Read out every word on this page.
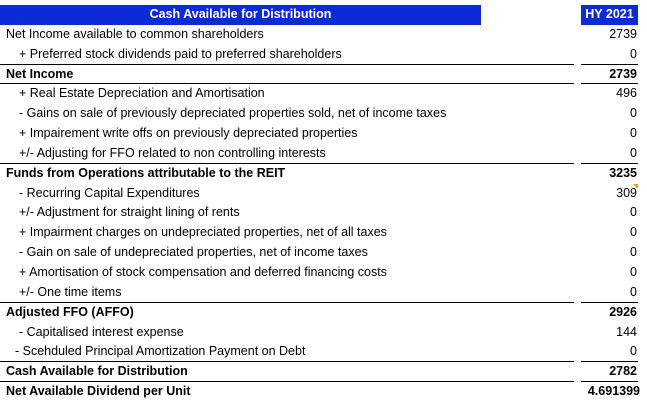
Cash Available for Distribution	HY 2021
Net Income available to common shareholders	2739
+ Preferred stock dividends paid to preferred shareholders	0
Net Income	2739
+ Real Estate Depreciation and Amortisation	496
- Gains on sale of previously depreciated properties sold, net of income taxes	0
+ Impairement write offs on previously depreciated properties	0
+/- Adjusting for FFO related to non controlling interests	0
Funds from Operations attributable to the REIT	3235
- Recurring Capital Expenditures	309
+/- Adjustment for straight lining of rents	0
+ Impairment charges on undepreciated properties, net of all taxes	0
- Gain on sale of undepreciated properties, net of income taxes	0
+ Amortisation of stock compensation and deferred financing costs	0
+/- One time items	0
Adjusted FFO (AFFO)	2926
- Capitalised interest expense	144
- Scehduled Principal Amortization Payment on Debt	0
Cash Available for Distribution	2782
Net Available Dividend per Unit	4.691399
